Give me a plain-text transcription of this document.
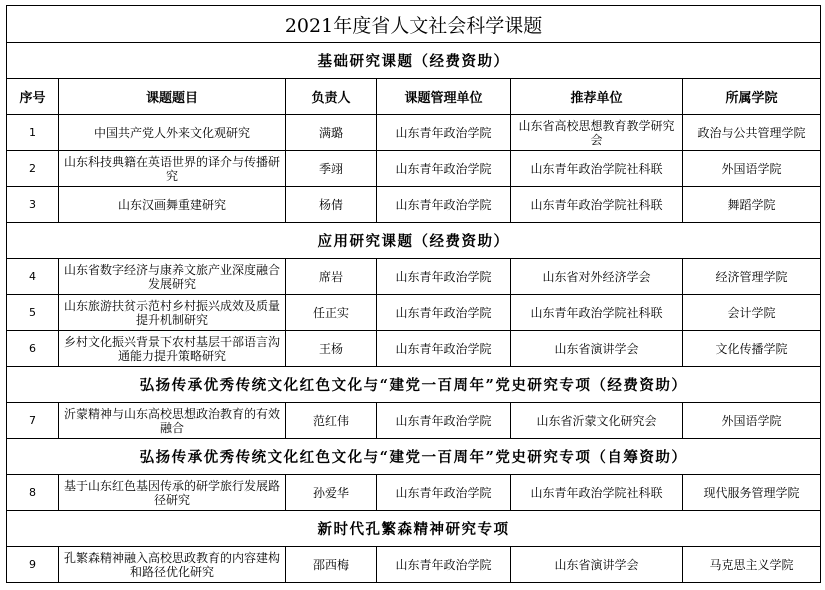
2021年度省人文社会科学课题					
基础研究课题（经费资助）					
序号	课题题目	负责人	课题管理单位	推荐单位	所属学院
1	中国共产党人外来文化观研究	满璐	山东青年政治学院	山东省高校思想教育教学研究会	政治与公共管理学院
2	山东科技典籍在英语世界的译介与传播研究	季翊	山东青年政治学院	山东青年政治学院社科联	外国语学院
3	山东汉画舞重建研究	杨倩	山东青年政治学院	山东青年政治学院社科联	舞蹈学院
应用研究课题（经费资助）					
4	山东省数字经济与康养文旅产业深度融合发展研究	席岩	山东青年政治学院	山东省对外经济学会	经济管理学院
5	山东旅游扶贫示范村乡村振兴成效及质量提升机制研究	任正实	山东青年政治学院	山东青年政治学院社科联	会计学院
6	乡村文化振兴背景下农村基层干部语言沟通能力提升策略研究	王杨	山东青年政治学院	山东省演讲学会	文化传播学院
弘扬传承优秀传统文化红色文化与“建党一百周年”党史研究专项（经费资助）					
7	沂蒙精神与山东高校思想政治教育的有效融合	范红伟	山东青年政治学院	山东省沂蒙文化研究会	外国语学院
弘扬传承优秀传统文化红色文化与“建党一百周年”党史研究专项（自筹资助）					
8	基于山东红色基因传承的研学旅行发展路径研究	孙爱华	山东青年政治学院	山东青年政治学院社科联	现代服务管理学院
新时代孔繁森精神研究专项					
9	孔繁森精神融入高校思政教育的内容建构和路径优化研究	邵西梅	山东青年政治学院	山东省演讲学会	马克思主义学院
